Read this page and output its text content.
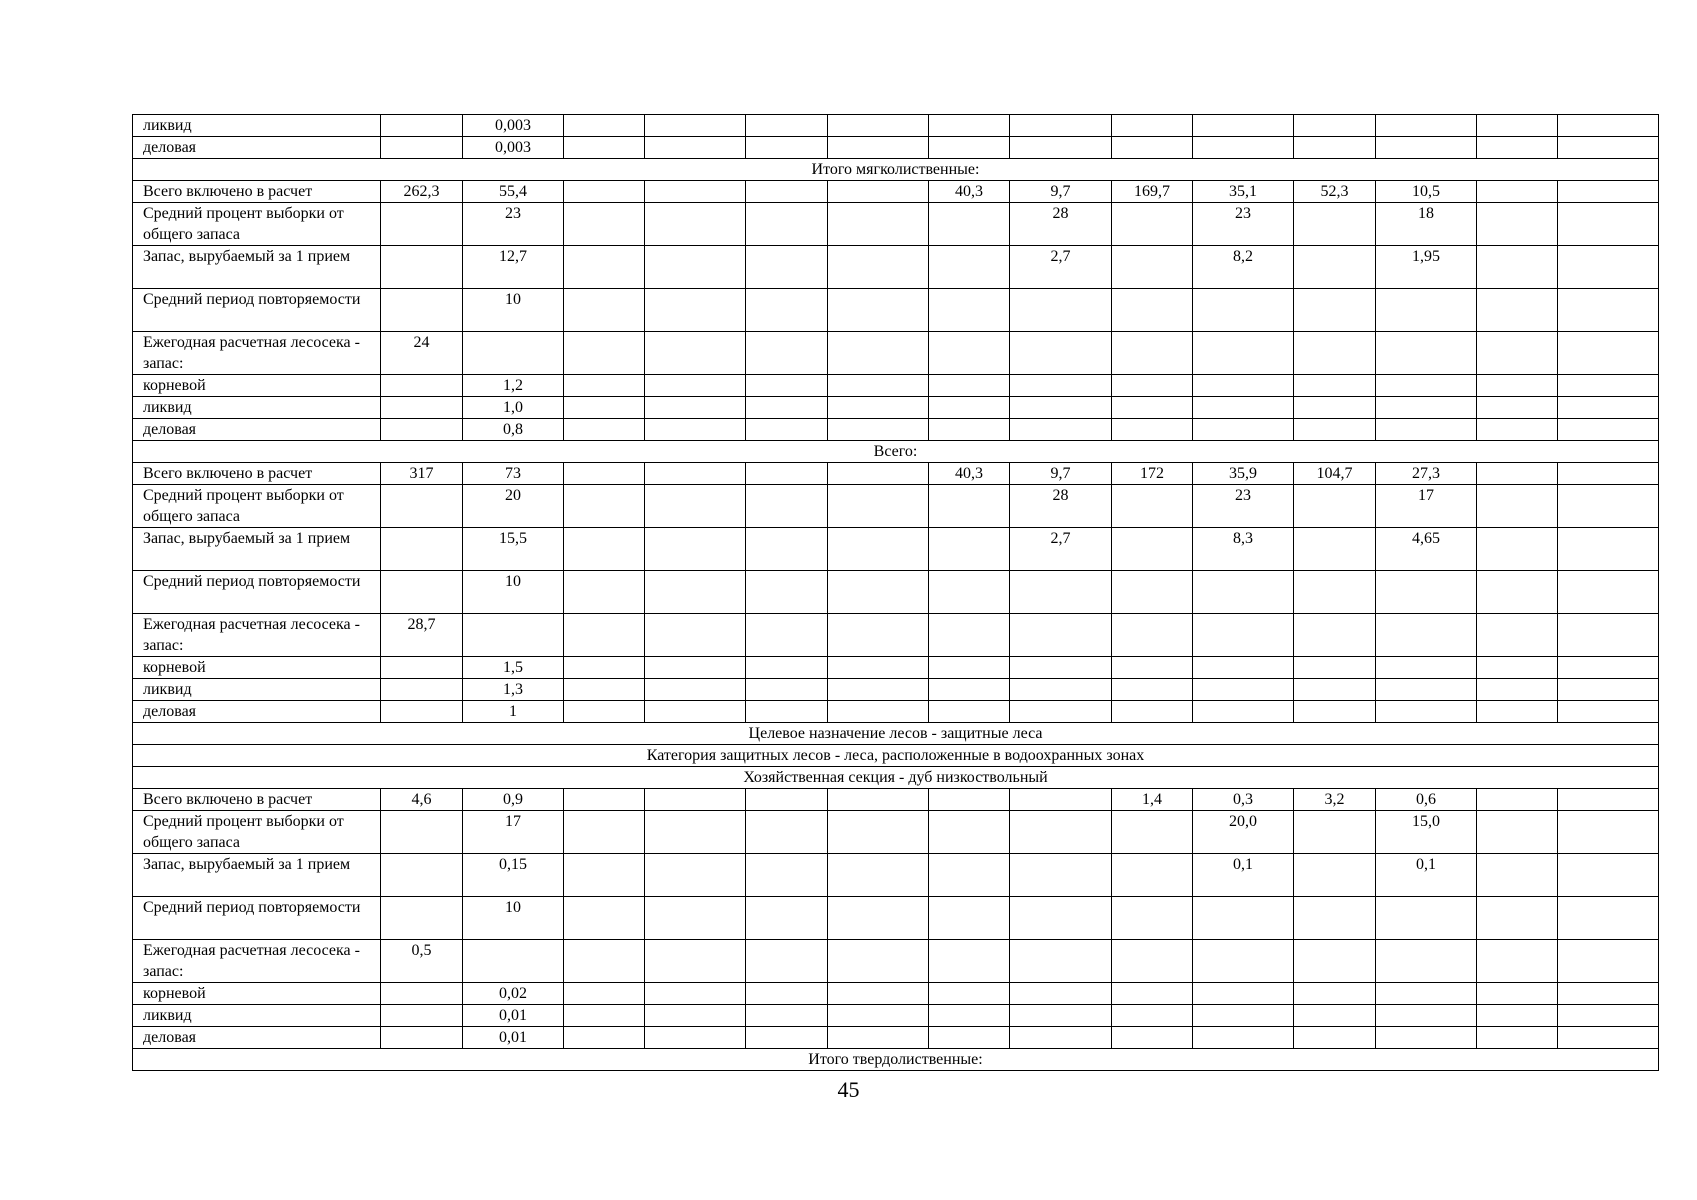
ликвид		0,003												
деловая		0,003												
Итого мягколиственные:														
Всего включено в расчет	262,3	55,4					40,3	9,7	169,7	35,1	52,3	10,5		
Средний процент выборки от общего запаса		23						28		23		18		
Запас, вырубаемый за 1 прием		12,7						2,7		8,2		1,95		
Средний период повторяемости		10												
Ежегодная расчетная лесосека - запас:	24													
корневой		1,2												
ликвид		1,0												
деловая		0,8												
Всего:														
Всего включено в расчет	317	73					40,3	9,7	172	35,9	104,7	27,3		
Средний процент выборки от общего запаса		20						28		23		17		
Запас, вырубаемый за 1 прием		15,5						2,7		8,3		4,65		
Средний период повторяемости		10												
Ежегодная расчетная лесосека - запас:	28,7													
корневой		1,5												
ликвид		1,3												
деловая		1												
Целевое назначение лесов - защитные леса														
Категория защитных лесов - леса, расположенные в водоохранных зонах														
Хозяйственная секция - дуб низкоствольный														
Всего включено в расчет	4,6	0,9							1,4	0,3	3,2	0,6		
Средний процент выборки от общего запаса		17								20,0		15,0		
Запас, вырубаемый за 1 прием		0,15								0,1		0,1		
Средний период повторяемости		10												
Ежегодная расчетная лесосека - запас:	0,5													
корневой		0,02												
ликвид		0,01												
деловая		0,01												
Итого твердолиственные:														
45
